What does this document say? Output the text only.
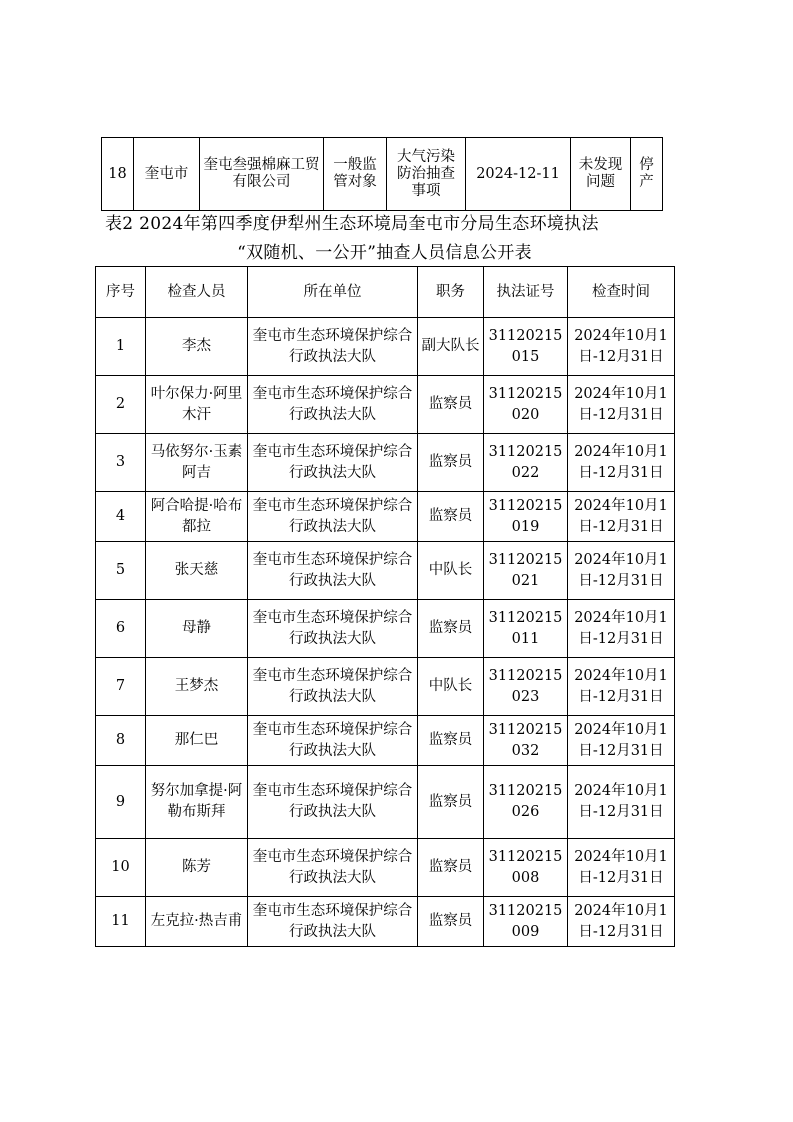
18	奎屯市	奎屯叁强棉麻工贸有限公司	一般监管对象	大气污染防治抽查事项	2024-12-11	未发现问题	停产
表2 2024年第四季度伊犁州生态环境局奎屯市分局生态环境执法
“双随机、一公开”抽查人员信息公开表
序号	检查人员	所在单位	职务	执法证号	检查时间
1	李杰	奎屯市生态环境保护综合行政执法大队	副大队长	31120215015	2024年10月1日-12月31日
2	叶尔保力·阿里木汗	奎屯市生态环境保护综合行政执法大队	监察员	31120215020	2024年10月1日-12月31日
3	马依努尔·玉素阿吉	奎屯市生态环境保护综合行政执法大队	监察员	31120215022	2024年10月1日-12月31日
4	阿合哈提·哈布都拉	奎屯市生态环境保护综合行政执法大队	监察员	31120215019	2024年10月1日-12月31日
5	张天慈	奎屯市生态环境保护综合行政执法大队	中队长	31120215021	2024年10月1日-12月31日
6	母静	奎屯市生态环境保护综合行政执法大队	监察员	31120215011	2024年10月1日-12月31日
7	王梦杰	奎屯市生态环境保护综合行政执法大队	中队长	31120215023	2024年10月1日-12月31日
8	那仁巴	奎屯市生态环境保护综合行政执法大队	监察员	31120215032	2024年10月1日-12月31日
9	努尔加拿提·阿勒布斯拜	奎屯市生态环境保护综合行政执法大队	监察员	31120215026	2024年10月1日-12月31日
10	陈芳	奎屯市生态环境保护综合行政执法大队	监察员	31120215008	2024年10月1日-12月31日
11	左克拉·热吉甫	奎屯市生态环境保护综合行政执法大队	监察员	31120215009	2024年10月1日-12月31日
